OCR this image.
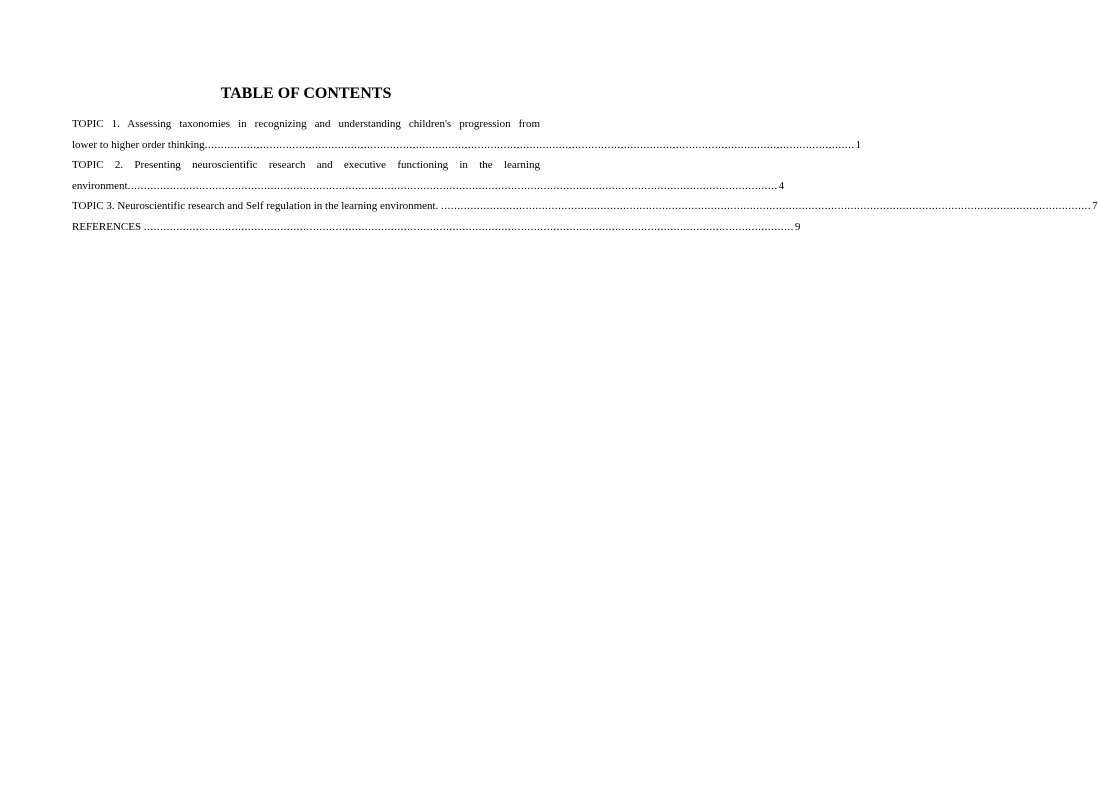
TABLE OF CONTENTS
TOPIC 1. Assessing taxonomies in recognizing and understanding children's progression from
lower to higher order thinking ........................................................................................................................................................................................................ 1
TOPIC 2. Presenting neuroscientific research and executive functioning in the learning
environment ........................................................................................................................................................................................................ 4
TOPIC 3. Neuroscientific research and Self regulation in the learning environment. ........................................................................................................................................................................................................ 7
REFERENCES ........................................................................................................................................................................................................ 9
